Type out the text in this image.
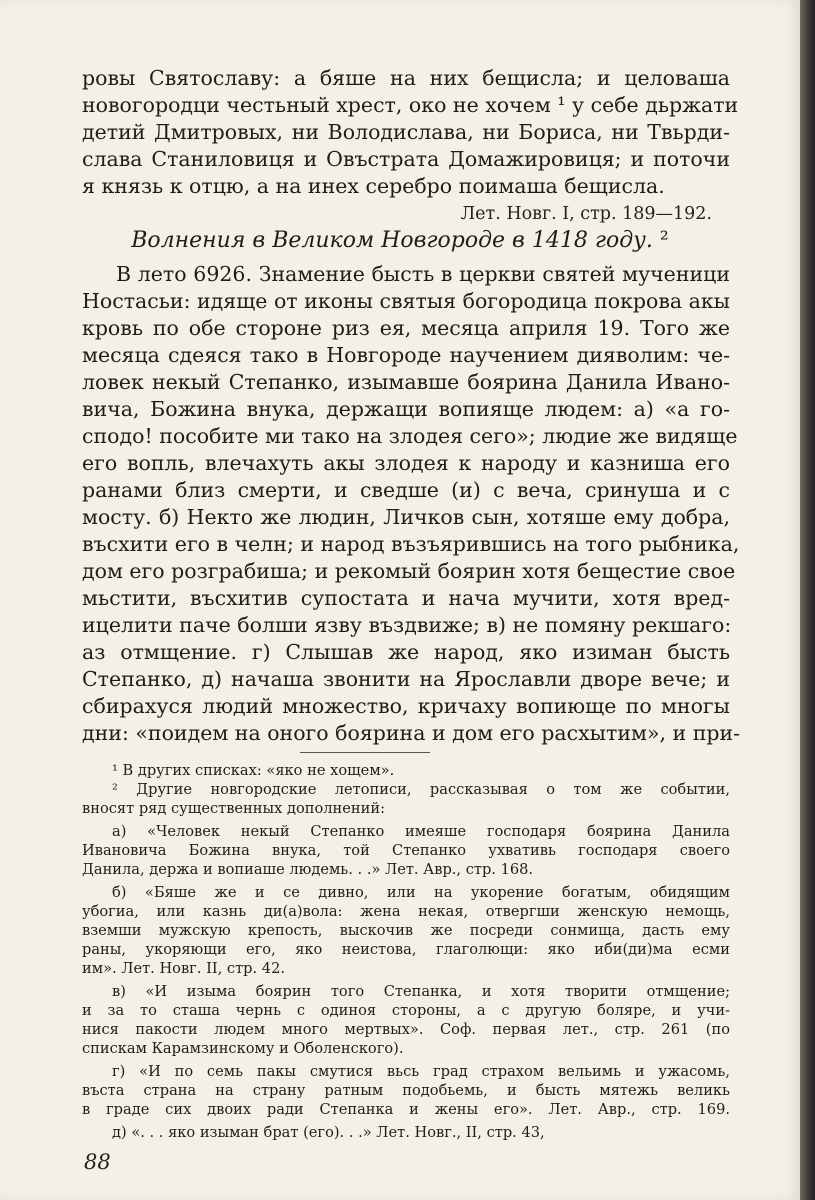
ровы Святославу: а бяше на них бещисла; и целоваша
новогородци честьный хрест, око не хочем ¹ у себе дьржати
детий Дмитровых, ни Володислава, ни Бориса, ни Твьрди-
слава Станиловиця и Овъстрата Домажировиця; и поточи
я князь к отцю, а на инех серебро поимаша бещисла.
Лет. Новг. I, стр. 189—192.
Волнения в Великом Новгороде в 1418 году. ²
В лето 6926. Знамение бысть в церкви святей мученици
Ностасьи: идяще от иконы святыя богородица покрова акы
кровь по обе стороне риз ея, месяца априля 19. Того же
месяца сдеяся тако в Новгороде научением дияволим: че-
ловек некый Степанко, изымавше боярина Данила Ивано-
вича, Божина внука, держащи вопияще людем: а) «а го-
сподо! пособите ми тако на злодея сего»; людие же видяще
его вопль, влечахуть акы злодея к народу и казниша его
ранами близ смерти, и сведше (и) с веча, сринуша и с
мосту. б) Некто же людин, Личков сын, хотяше ему добра,
въсхити его в челн; и народ възъярившись на того рыбника,
дом его розграбиша; и рекомый боярин хотя бещестие свое
мьстити, въсхитив супостата и нача мучити, хотя вред-
ицелити паче болши язву въздвиже; в) не помяну рекшаго:
аз отмщение. г) Слышав же народ, яко изиман бысть
Степанко, д) начаша звонити на Ярославли дворе вече; и
сбирахуся людий множество, кричаху вопиюще по многы
дни: «поидем на оного боярина и дом его расхытим», и при-
¹ В других списках: «яко не хощем».
² Другие новгородские летописи, рассказывая о том же событии,
вносят ряд существенных дополнений:
а) «Человек некый Степанко имеяше господаря боярина Данила
Ивановича Божина внука, той Степанко ухвативь господаря своего
Данила, держа и вопиаше людемь. . .» Лет. Авр., стр. 168.
б) «Бяше же и се дивно, или на укорение богатым, обидящим
убогиа, или казнь ди(а)вола: жена некая, отвергши женскую немощь,
вземши мужскую крепость, выскочив же посреди сонмища, дасть ему
раны, укоряющи его, яко неистова, глаголющи: яко иби(ди)ма есми
им». Лет. Новг. II, стр. 42.
в) «И изыма боярин того Степанка, и хотя творити отмщение;
и за то сташа чернь с одиноя стороны, а с другую боляре, и учи-
нися пакости людем много мертвых». Соф. первая лет., стр. 261 (по
спискам Карамзинскому и Оболенского).
г) «И по семь пакы смутися вьсь град страхом вельимь и ужасомь,
въста страна на страну ратным подобьемь, и бысть мятежь великь
в граде сих двоих ради Степанка и жены его». Лет. Авр., стр. 169.
д) «. . . яко изыман брат (его). . .» Лет. Новг., II, стр. 43,
88
